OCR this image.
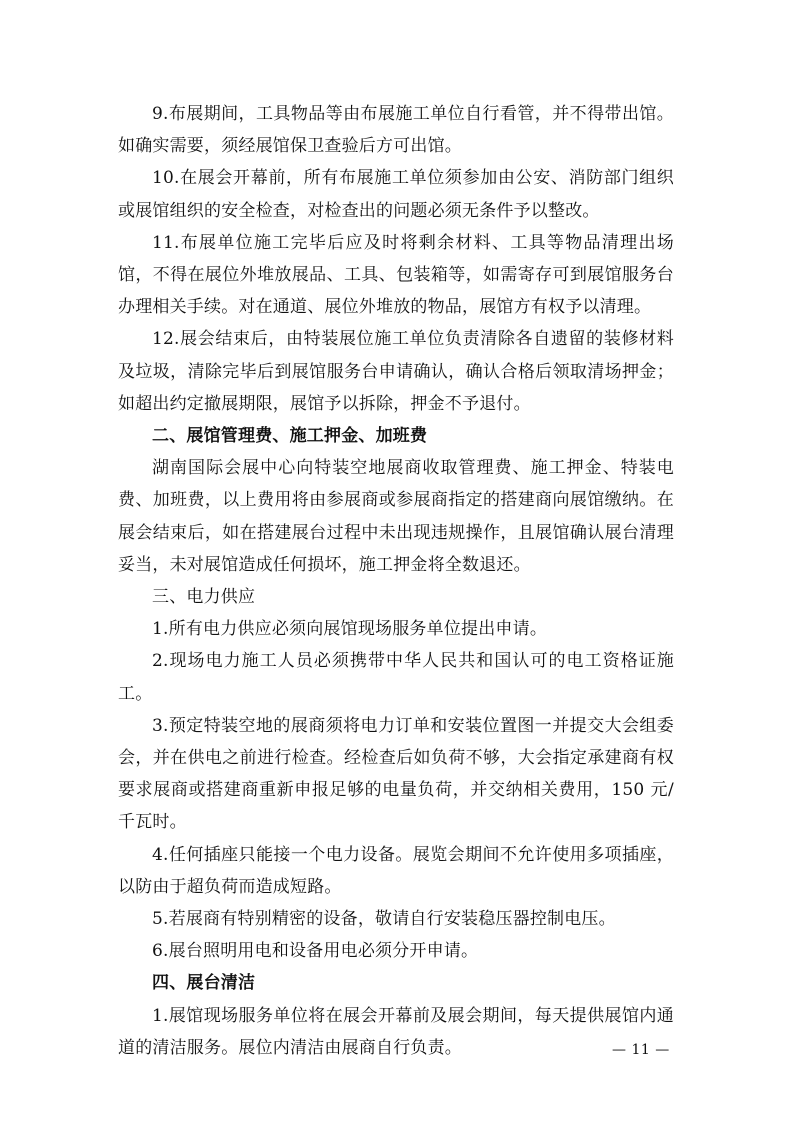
9.布展期间，工具物品等由布展施工单位自行看管，并不得带出馆。如确实需要，须经展馆保卫查验后方可出馆。

10.在展会开幕前，所有布展施工单位须参加由公安、消防部门组织或展馆组织的安全检查，对检查出的问题必须无条件予以整改。

11.布展单位施工完毕后应及时将剩余材料、工具等物品清理出场馆，不得在展位外堆放展品、工具、包装箱等，如需寄存可到展馆服务台办理相关手续。对在通道、展位外堆放的物品，展馆方有权予以清理。

12.展会结束后，由特装展位施工单位负责清除各自遗留的装修材料及垃圾，清除完毕后到展馆服务台申请确认，确认合格后领取清场押金；如超出约定撤展期限，展馆予以拆除，押金不予退付。

二、展馆管理费、施工押金、加班费

湖南国际会展中心向特装空地展商收取管理费、施工押金、特装电费、加班费，以上费用将由参展商或参展商指定的搭建商向展馆缴纳。在展会结束后，如在搭建展台过程中未出现违规操作，且展馆确认展台清理妥当，未对展馆造成任何损坏，施工押金将全数退还。

三、电力供应

1.所有电力供应必须向展馆现场服务单位提出申请。

2.现场电力施工人员必须携带中华人民共和国认可的电工资格证施工。

3.预定特装空地的展商须将电力订单和安装位置图一并提交大会组委会，并在供电之前进行检查。经检查后如负荷不够，大会指定承建商有权要求展商或搭建商重新申报足够的电量负荷，并交纳相关费用，150 元/千瓦时。

4.任何插座只能接一个电力设备。展览会期间不允许使用多项插座，以防由于超负荷而造成短路。

5.若展商有特别精密的设备，敬请自行安装稳压器控制电压。

6.展台照明用电和设备用电必须分开申请。

四、展台清洁

1.展馆现场服务单位将在展会开幕前及展会期间，每天提供展馆内通道的清洁服务。展位内清洁由展商自行负责。	— 11 —
